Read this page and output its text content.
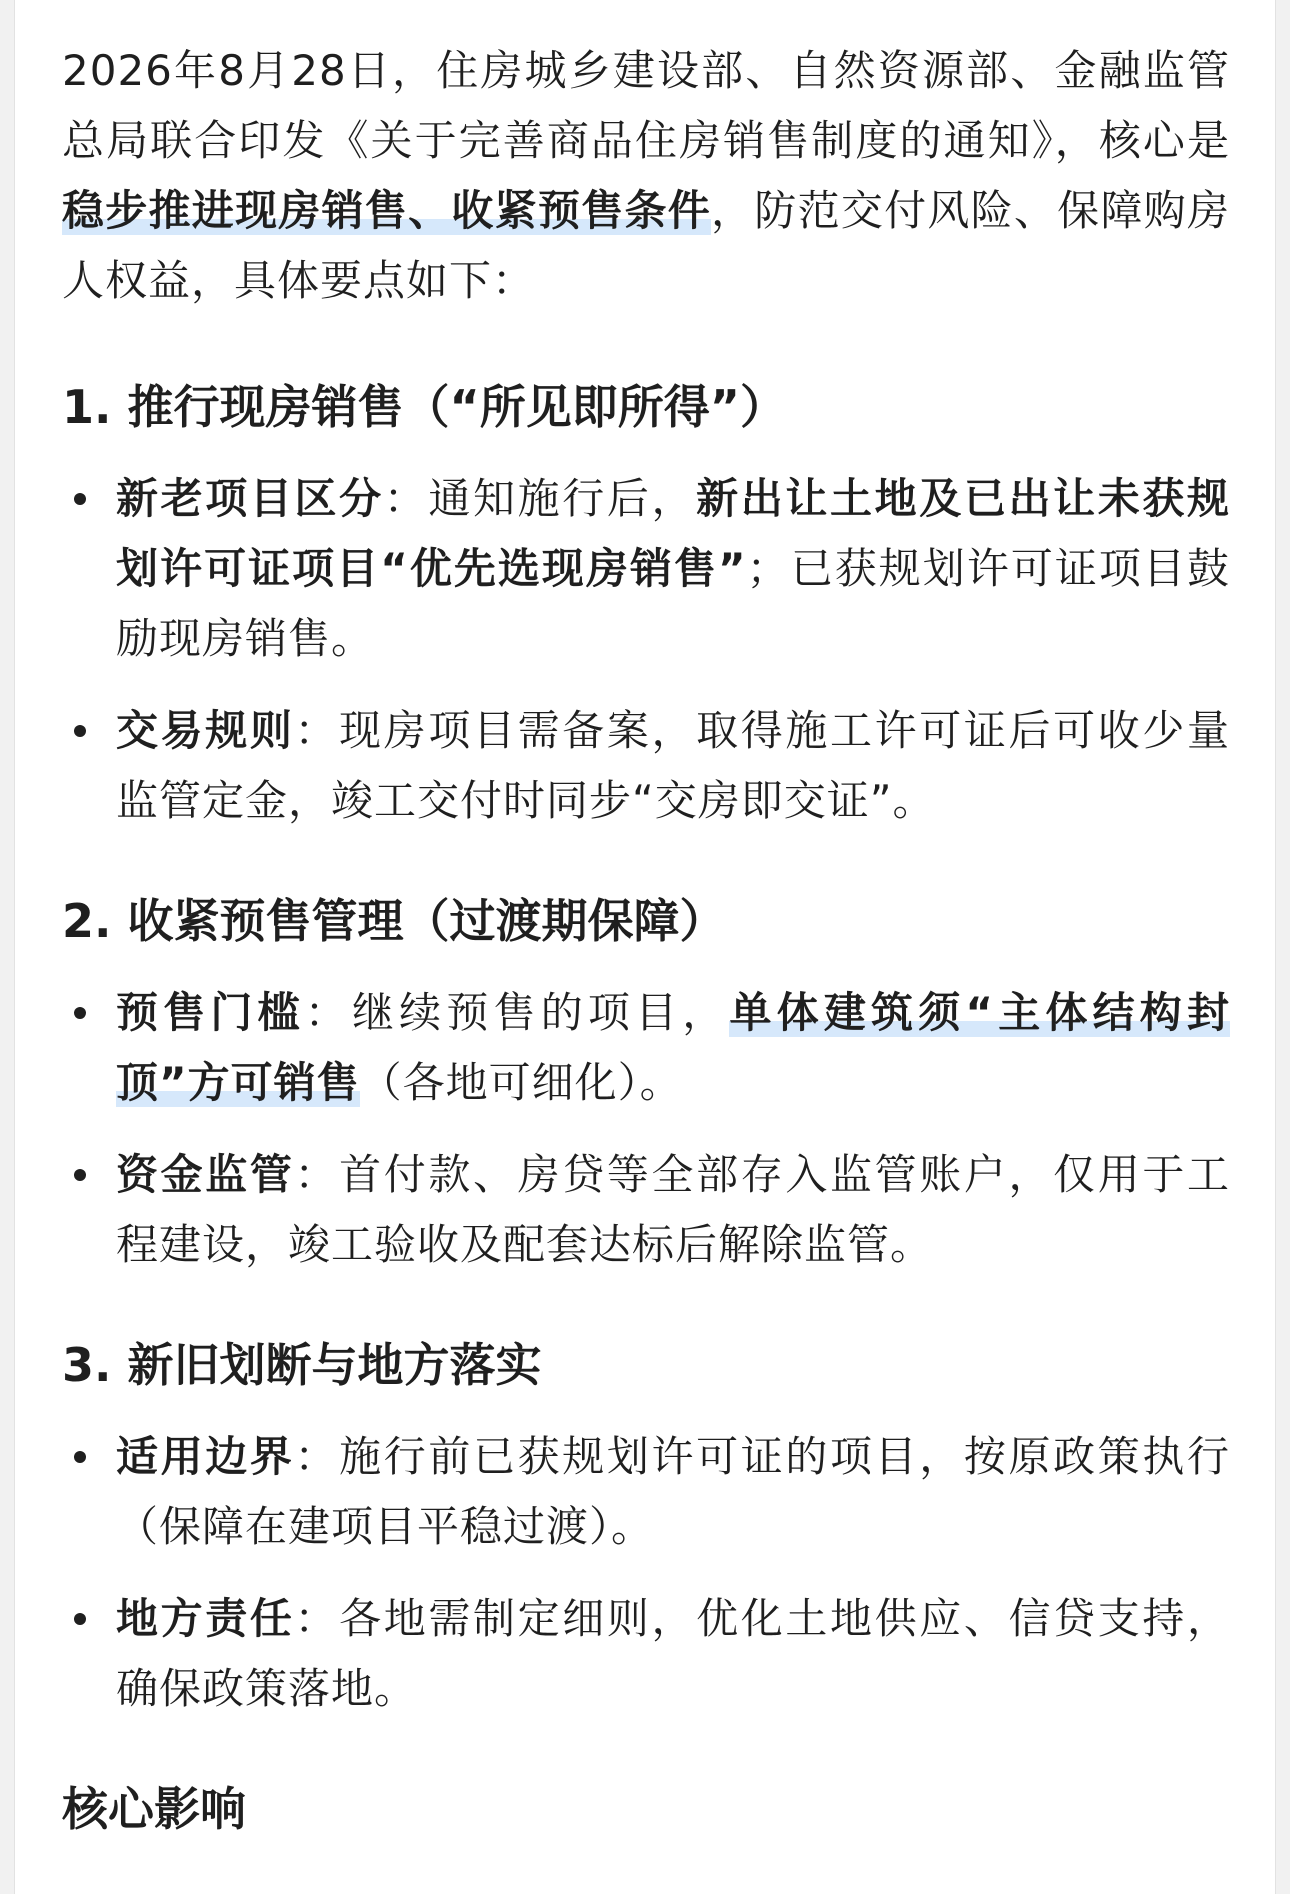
2026年8月28日，住房城乡建设部、自然资源部、金融监管总局联合印发《关于完善商品住房销售制度的通知》，核心是稳步推进现房销售、收紧预售条件，防范交付风险、保障购房人权益，具体要点如下：

1. 推行现房销售（“所见即所得”）
新老项目区分：通知施行后，新出让土地及已出让未获规划许可证项目“优先选现房销售”；已获规划许可证项目鼓励现房销售。
交易规则：现房项目需备案，取得施工许可证后可收少量监管定金，竣工交付时同步“交房即交证”。
2. 收紧预售管理（过渡期保障）
预售门槛：继续预售的项目，单体建筑须“主体结构封顶”方可销售（各地可细化）。
资金监管：首付款、房贷等全部存入监管账户，仅用于工程建设，竣工验收及配套达标后解除监管。
3. 新旧划断与地方落实
适用边界：施行前已获规划许可证的项目，按原政策执行（保障在建项目平稳过渡）。
地方责任：各地需制定细则，优化土地供应、信贷支持，确保政策落地。
核心影响
